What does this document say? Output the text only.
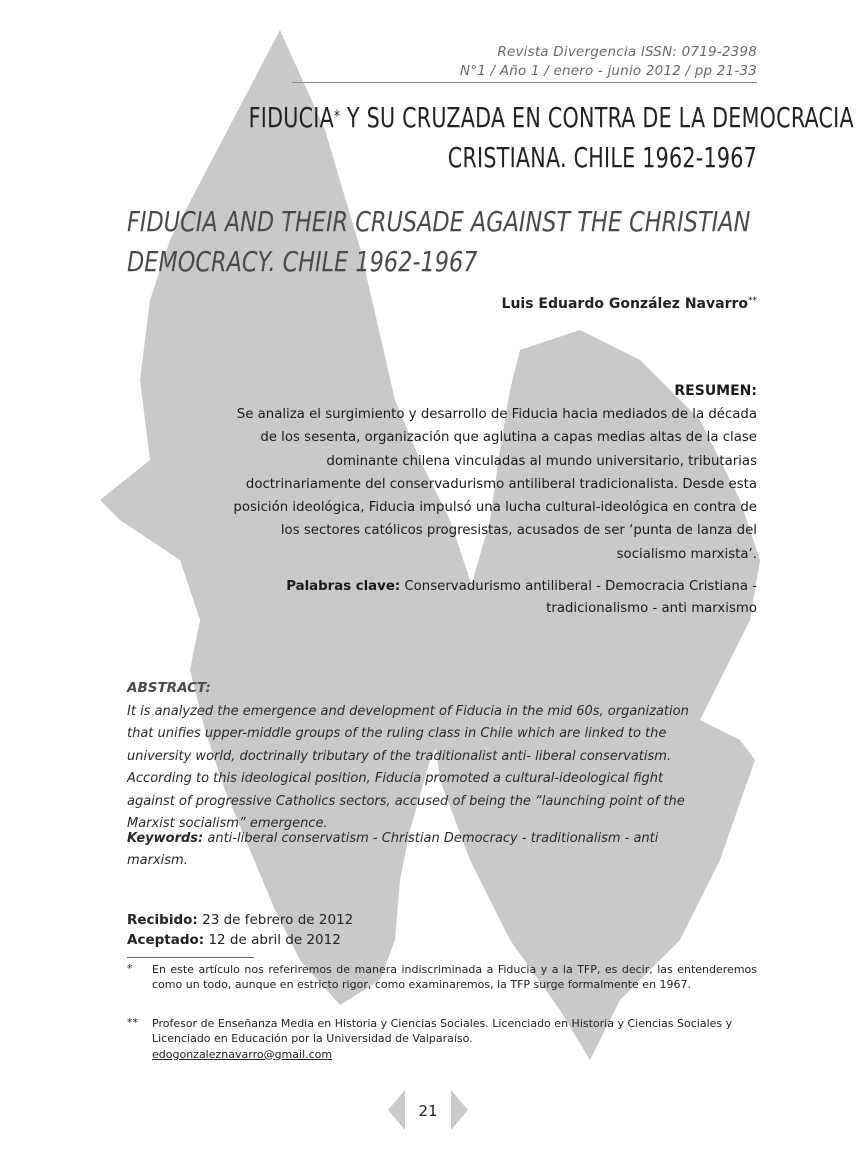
Revista Divergencia ISSN: 0719-2398
N°1 / Año 1 / enero - junio 2012 / pp 21-33
FIDUCIA* Y SU CRUZADA EN CONTRA DE LA DEMOCRACIA
CRISTIANA. CHILE 1962-1967
FIDUCIA AND THEIR CRUSADE AGAINST THE CHRISTIAN
DEMOCRACY. CHILE 1962-1967
Luis Eduardo González Navarro**
RESUMEN:
Se analiza el surgimiento y desarrollo de Fiducia hacia mediados de la década de los sesenta, organización que aglutina a capas medias altas de la clase dominante chilena vinculadas al mundo universitario, tributarias doctrinariamente del conservadurismo antiliberal tradicionalista. Desde esta posición ideológica, Fiducia impulsó una lucha cultural-ideológica en contra de los sectores católicos progresistas, acusados de ser ‘punta de lanza del socialismo marxista’.
Palabras clave: Conservadurismo antiliberal - Democracia Cristiana - tradicionalismo - anti marxismo
ABSTRACT:
It is analyzed the emergence and development of Fiducia in the mid 60s, organization that unifies upper-middle groups of the ruling class in Chile which are linked to the university world, doctrinally tributary of the traditionalist anti- liberal conservatism. According to this ideological position, Fiducia promoted a cultural-ideological fight against of progressive Catholics sectors, accused of being the “launching point of the Marxist socialism” emergence.
Keywords: anti-liberal conservatism - Christian Democracy - traditionalism - anti marxism.
Recibido: 23 de febrero de 2012
Aceptado: 12 de abril de 2012
* En este artículo nos referiremos de manera indiscriminada a Fiducia y a la TFP, es decir, las entenderemos como un todo, aunque en estricto rigor, como examinaremos, la TFP surge formalmente en 1967.
** Profesor de Enseñanza Media en Historia y Ciencias Sociales. Licenciado en Historia y Ciencias Sociales y Licenciado en Educación por la Universidad de Valparaíso.
edogonzaleznavarro@gmail.com
21
